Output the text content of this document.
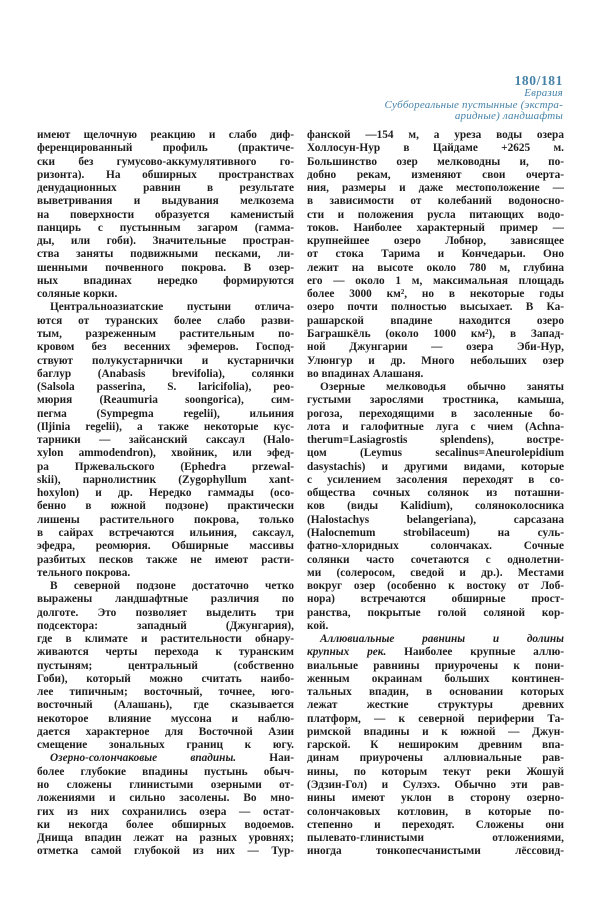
180/181
Евразия
Суббореальные пустынные (экстра-
аридные) ландшафты
имеют щелочную реакцию и слабо диф-
ференцированный профиль (практиче-
ски без гумусово-аккумулятивного го-
ризонта). На обширных пространствах
денудационных равнин в результате
выветривания и выдувания мелкозема
на поверхности образуется каменистый
панцирь с пустынным загаром (гамма-
ды, или гоби). Значительные простран-
ства заняты подвижными песками, ли-
шенными почвенного покрова. В озер-
ных впадинах нередко формируются
соляные корки.
Центральноазиатские пустыни отлича-
ются от туранских более слабо разви-
тым, разреженным растительным по-
кровом без весенних эфемеров. Господ-
ствуют полукустарнички и кустарнички
баглур (Anabasis brevifolia), солянки
(Salsola passerina, S. laricifolia), рео-
мюрия (Reaumuria soongorica), сим-
пегма (Sympegma regelii), ильиния
(Iljinia regelii), а также некоторые кус-
тарники — зайсанский саксаул (Halo-
xylon ammodendron), хвойник, или эфед-
ра Пржевальского (Ephedra przewal-
skii), парнолистник (Zygophyllum xant-
hoxylon) и др. Нередко гаммады (осо-
бенно в южной подзоне) практически
лишены растительного покрова, только
в сайрах встречаются ильиния, саксаул,
эфедра, реомюрия. Обширные массивы
разбитых песков также не имеют расти-
тельного покрова.
В северной подзоне достаточно четко
выражены ландшафтные различия по
долготе. Это позволяет выделить три
подсектора: западный (Джунгария),
где в климате и растительности обнару-
живаются черты перехода к туранским
пустыням; центральный (собственно
Гоби), который можно считать наибо-
лее типичным; восточный, точнее, юго-
восточный (Алашань), где сказывается
некоторое влияние муссона и наблю-
дается характерное для Восточной Азии
смещение зональных границ к югу.
Озерно-солончаковые впадины. Наи-
более глубокие впадины пустынь обыч-
но сложены глинистыми озерными от-
ложениями и сильно засолены. Во мно-
гих из них сохранились озера — остат-
ки некогда более обширных водоемов.
Днища впадин лежат на разных уровнях;
отметка самой глубокой из них — Тур-
фанской —154 м, а уреза воды озера
Холлосун-Нур в Цайдаме +2625 м.
Большинство озер мелководны и, по-
добно рекам, изменяют свои очерта-
ния, размеры и даже местоположение —
в зависимости от колебаний водоносно-
сти и положения русла питающих водо-
токов. Наиболее характерный пример —
крупнейшее озеро Лобнор, зависящее
от стока Тарима и Кончедарьи. Оно
лежит на высоте около 780 м, глубина
его — около 1 м, максимальная площадь
более 3000 км², но в некоторые годы
озеро почти полностью высыхает. В Ка-
рашарской впадине находится озеро
Баграшкёль (около 1000 км²), в Запад-
ной Джунгарии — озера Эби-Нур,
Улюнгур и др. Много небольших озер
во впадинах Алашаня.
Озерные мелководья обычно заняты
густыми зарослями тростника, камыша,
рогоза, переходящими в засоленные бо-
лота и галофитные луга с чием (Achna-
therum=Lasiagrostis splendens), востре-
цом (Leymus secalinus=Aneurolepidium
dasystachis) и другими видами, которые
с усилением засоления переходят в со-
общества сочных солянок из поташни-
ков (виды Kalidium), соляноколосника
(Halostachys belangeriana), сарсазана
(Halocnemum strobilaceum) на суль-
фатно-хлоридных солончаках. Сочные
солянки часто сочетаются с однолетни-
ми (солеросом, сведой и др.). Местами
вокруг озер (особенно к востоку от Лоб-
нора) встречаются обширные прост-
ранства, покрытые голой соляной кор-
кой.
Аллювиальные равнины и долины
крупных рек. Наиболее крупные аллю-
виальные равнины приурочены к пони-
женным окраинам больших континен-
тальных впадин, в основании которых
лежат жесткие структуры древних
платформ, — к северной периферии Та-
римской впадины и к южной — Джун-
гарской. К нешироким древним впа-
динам приурочены аллювиальные рав-
нины, по которым текут реки Жошуй
(Эдзин-Гол) и Сулэхэ. Обычно эти рав-
нины имеют уклон в сторону озерно-
солончаковых котловин, в которые по-
степенно и переходят. Сложены они
пылевато-глинистыми отложениями,
иногда тонкопесчанистыми лёссовид-
